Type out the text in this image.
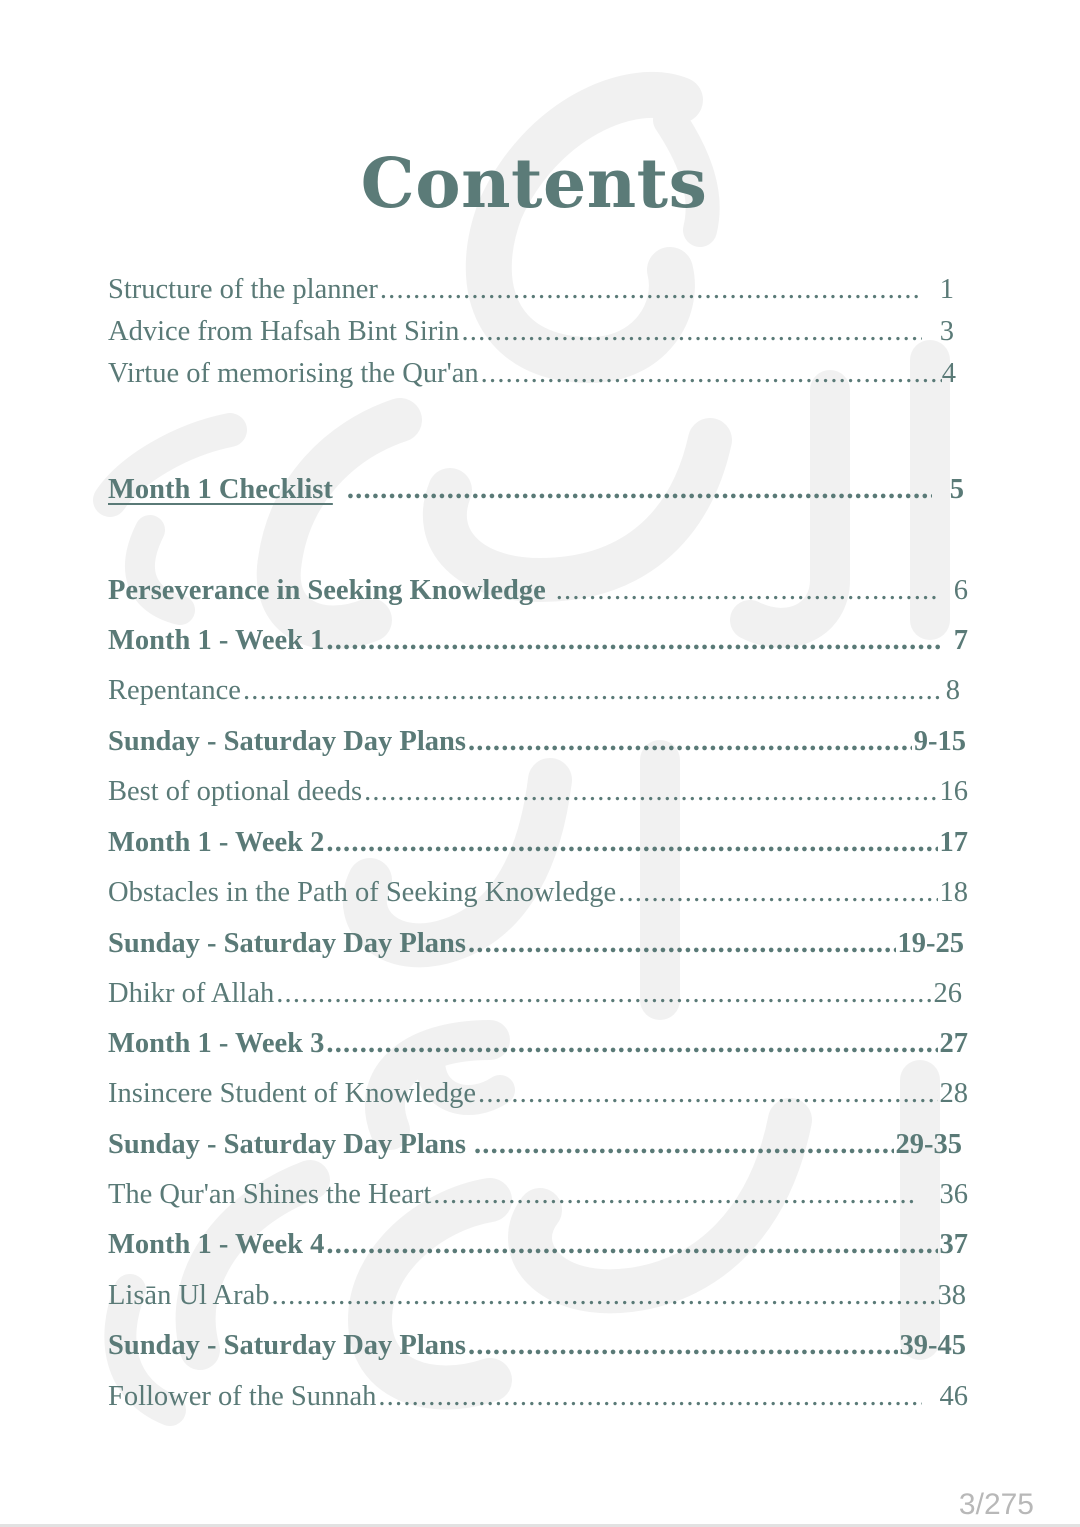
Contents
Structure of the planner .....	1
Advice from Hafsah Bint Sirin .....	3
Virtue of memorising the Qur'an .....	4
Month 1 Checklist .....	5
Perseverance in Seeking Knowledge .....	6
Month 1 - Week 1 .....	7
Repentance .....	8
Sunday - Saturday Day Plans .....	9-15
Best of optional deeds .....	16
Month 1 - Week 2 .....	17
Obstacles in the Path of Seeking Knowledge .....	18
Sunday - Saturday Day Plans .....	19-25
Dhikr of Allah .....	26
Month 1 - Week 3 .....	27
Insincere Student of Knowledge .....	28
Sunday - Saturday Day Plans .....	29-35
The Qur'an Shines the Heart .....	36
Month 1 - Week 4 .....	37
Lisān Ul Arab .....	38
Sunday - Saturday Day Plans .....	39-45
Follower of the Sunnah .....	46
3/275
